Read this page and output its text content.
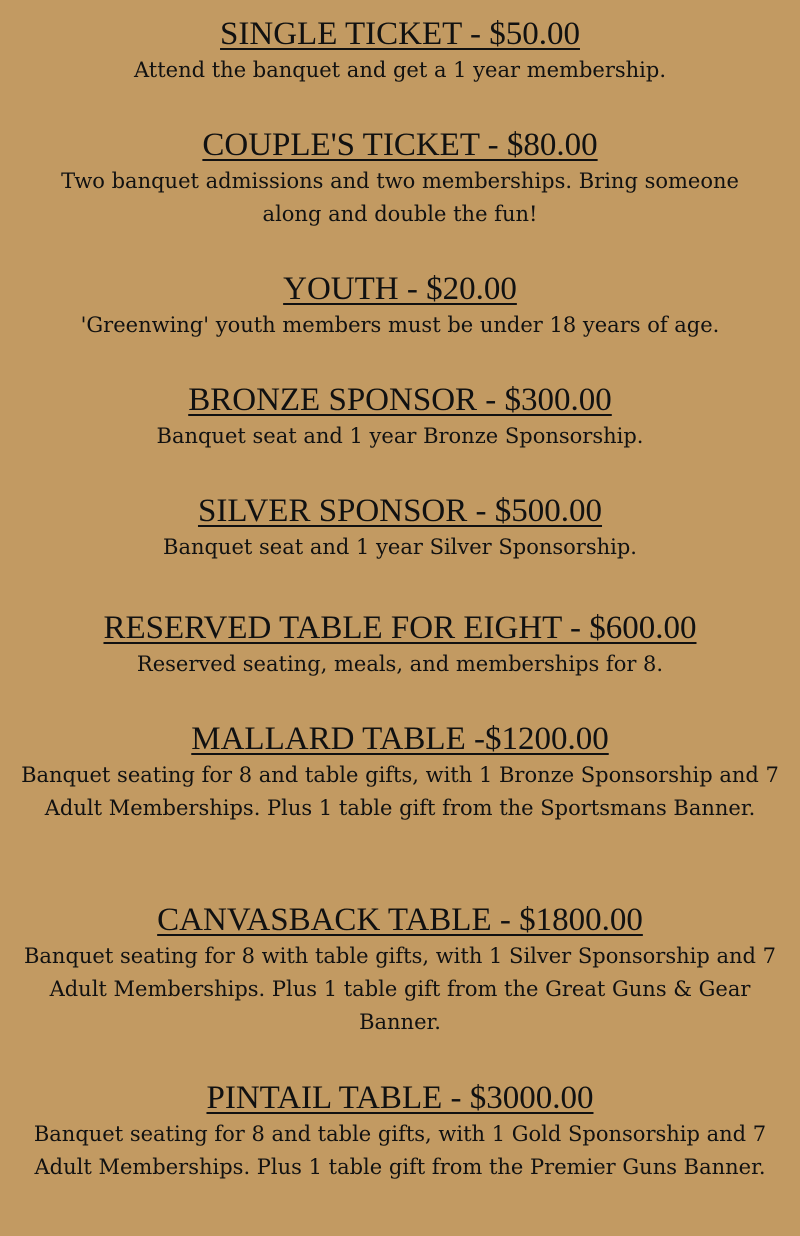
SINGLE TICKET - $50.00

Attend the banquet and get a 1 year membership.

COUPLE'S TICKET - $80.00

Two banquet admissions and two memberships. Bring someone along and double the fun!

YOUTH - $20.00

'Greenwing' youth members must be under 18 years of age.

BRONZE SPONSOR - $300.00

Banquet seat and 1 year Bronze Sponsorship.

SILVER SPONSOR - $500.00

Banquet seat and 1 year Silver Sponsorship.

RESERVED TABLE FOR EIGHT - $600.00

Reserved seating, meals, and memberships for 8.

MALLARD TABLE -$1200.00

Banquet seating for 8 and table gifts, with 1 Bronze Sponsorship and 7 Adult Memberships. Plus 1 table gift from the Sportsmans Banner.

CANVASBACK TABLE - $1800.00

Banquet seating for 8 with table gifts, with 1 Silver Sponsorship and 7 Adult Memberships. Plus 1 table gift from the Great Guns & Gear Banner.

PINTAIL TABLE - $3000.00

Banquet seating for 8 and table gifts, with 1 Gold Sponsorship and 7 Adult Memberships. Plus 1 table gift from the Premier Guns Banner.
